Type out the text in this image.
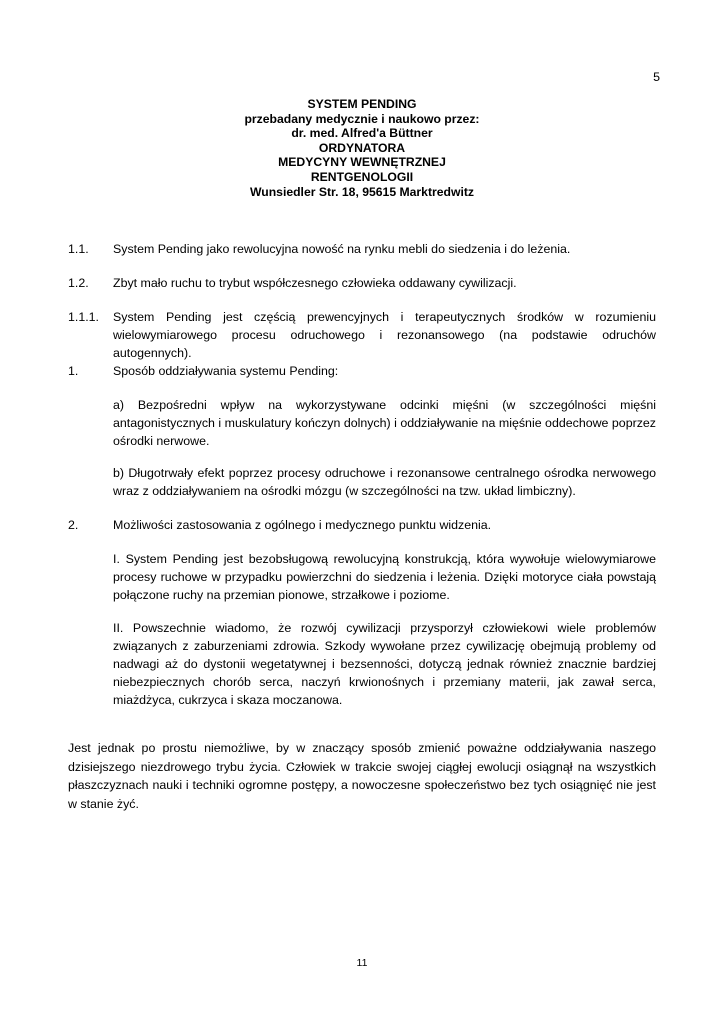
5
SYSTEM PENDING
przebadany medycznie i naukowo przez:
dr. med. Alfred'a Büttner
ORDYNATORA
MEDYCYNY WEWNĘTRZNEJ
RENTGENOLOGII
Wunsiedler Str. 18, 95615 Marktredwitz
1.1. System Pending jako rewolucyjna nowość na rynku mebli do siedzenia i do leżenia.
1.2. Zbyt mało ruchu to trybut współczesnego człowieka oddawany cywilizacji.
1.1.1. System Pending jest częścią prewencyjnych i terapeutycznych środków w rozumieniu wielowymiarowego procesu odruchowego i rezonansowego (na podstawie odruchów autogennych).
1.	Sposób oddziaływania systemu Pending:
a) Bezpośredni wpływ na wykorzystywane odcinki mięśni (w szczególności mięśni antagonistycznych i muskulatury kończyn dolnych) i oddziaływanie na mięśnie oddechowe poprzez ośrodki nerwowe.
b) Długotrwały efekt poprzez procesy odruchowe i rezonansowe centralnego ośrodka nerwowego wraz z oddziaływaniem na ośrodki mózgu (w szczególności na tzw. układ limbiczny).
2.	Możliwości zastosowania z ogólnego i medycznego punktu widzenia.
I. System Pending jest bezobsługową rewolucyjną konstrukcją, która wywołuje wielowymiarowe procesy ruchowe w przypadku powierzchni do siedzenia i leżenia. Dzięki motoryce ciała powstają połączone ruchy na przemian pionowe, strzałkowe i poziome.
II. Powszechnie wiadomo, że rozwój cywilizacji przysporzył człowiekowi wiele problemów związanych z zaburzeniami zdrowia. Szkody wywołane przez cywilizację obejmują problemy od nadwagi aż do dystonii wegetatywnej i bezsenności, dotyczą jednak również znacznie bardziej niebezpiecznych chorób serca, naczyń krwionośnych i przemiany materii, jak zawał serca, miażdżyca, cukrzyca i skaza moczanowa.
Jest jednak po prostu niemożliwe, by w znaczący sposób zmienić poważne oddziaływania naszego dzisiejszego niezdrowego trybu życia. Człowiek w trakcie swojej ciągłej ewolucji osiągnął na wszystkich płaszczyznach nauki i techniki ogromne postępy, a nowoczesne społeczeństwo bez tych osiągnięć nie jest w stanie żyć.
11
